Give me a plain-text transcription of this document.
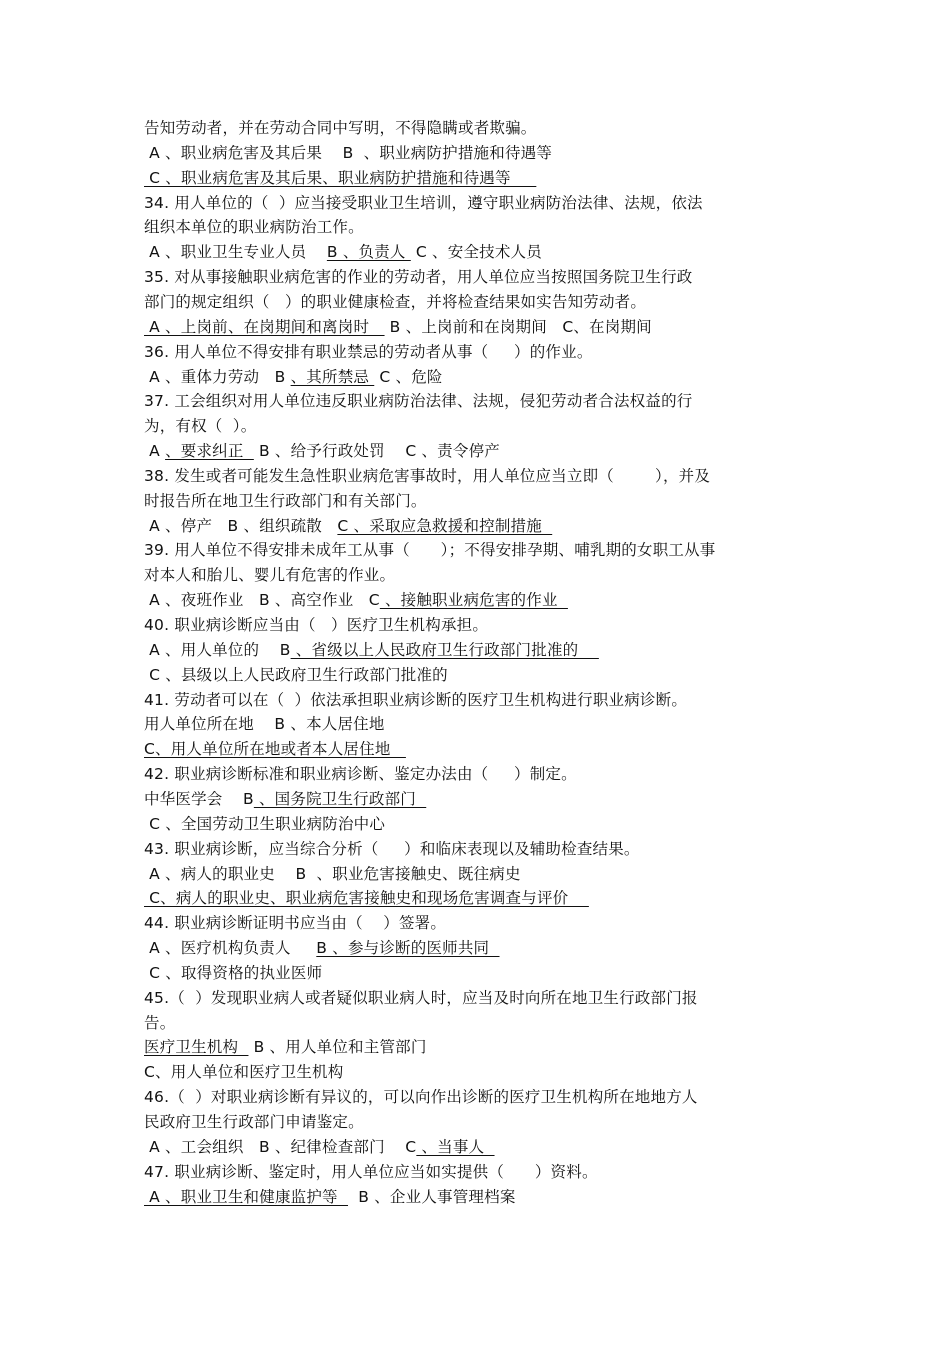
告知劳动者，并在劳动合同中写明，不得隐瞒或者欺骗。
A 、职业病危害及其后果    B  、职业病防护措施和待遇等
C 、职业病危害及其后果、职业病防护措施和待遇等
34. 用人单位的（  ）应当接受职业卫生培训，遵守职业病防治法律、法规，依法
组织本单位的职业病防治工作。
A 、职业卫生专业人员    B 、负责人  C 、安全技术人员
35. 对从事接触职业病危害的作业的劳动者，用人单位应当按照国务院卫生行政
部门的规定组织（   ）的职业健康检查，并将检查结果如实告知劳动者。
A 、上岗前、在岗期间和离岗时    B 、上岗前和在岗期间   C、在岗期间
36. 用人单位不得安排有职业禁忌的劳动者从事（     ）的作业。
A 、重体力劳动   B 、其所禁忌  C 、危险
37. 工会组织对用人单位违反职业病防治法律、法规，侵犯劳动者合法权益的行
为，有权（  ）。
A 、要求纠正   B 、给予行政处罚    C 、责令停产
38. 发生或者可能发生急性职业病危害事故时，用人单位应当立即（        ），并及
时报告所在地卫生行政部门和有关部门。
A 、停产   B 、组织疏散   C 、采取应急救援和控制措施
39. 用人单位不得安排未成年工从事（      ）；不得安排孕期、哺乳期的女职工从事
对本人和胎儿、婴儿有危害的作业。
A 、夜班作业   B 、高空作业   C 、接触职业病危害的作业
40. 职业病诊断应当由（   ）医疗卫生机构承担。
A 、用人单位的    B 、省级以上人民政府卫生行政部门批准的
C 、县级以上人民政府卫生行政部门批准的
41. 劳动者可以在（  ）依法承担职业病诊断的医疗卫生机构进行职业病诊断。
用人单位所在地    B 、本人居住地
C、用人单位所在地或者本人居住地
42. 职业病诊断标准和职业病诊断、鉴定办法由（     ）制定。
中华医学会    B 、国务院卫生行政部门
C 、全国劳动卫生职业病防治中心
43. 职业病诊断，应当综合分析（     ）和临床表现以及辅助检查结果。
A 、病人的职业史    B  、职业危害接触史、既往病史
C、病人的职业史、职业病危害接触史和现场危害调查与评价
44. 职业病诊断证明书应当由（    ）签署。
A 、医疗机构负责人     B 、参与诊断的医师共同
C 、取得资格的执业医师
45.（  ）发现职业病人或者疑似职业病人时，应当及时向所在地卫生行政部门报
告。
医疗卫生机构   B 、用人单位和主管部门
C、用人单位和医疗卫生机构
46.（  ）对职业病诊断有异议的，可以向作出诊断的医疗卫生机构所在地地方人
民政府卫生行政部门申请鉴定。
A 、工会组织   B 、纪律检查部门    C 、当事人
47. 职业病诊断、鉴定时，用人单位应当如实提供（      ）资料。
A 、职业卫生和健康监护等    B 、企业人事管理档案
